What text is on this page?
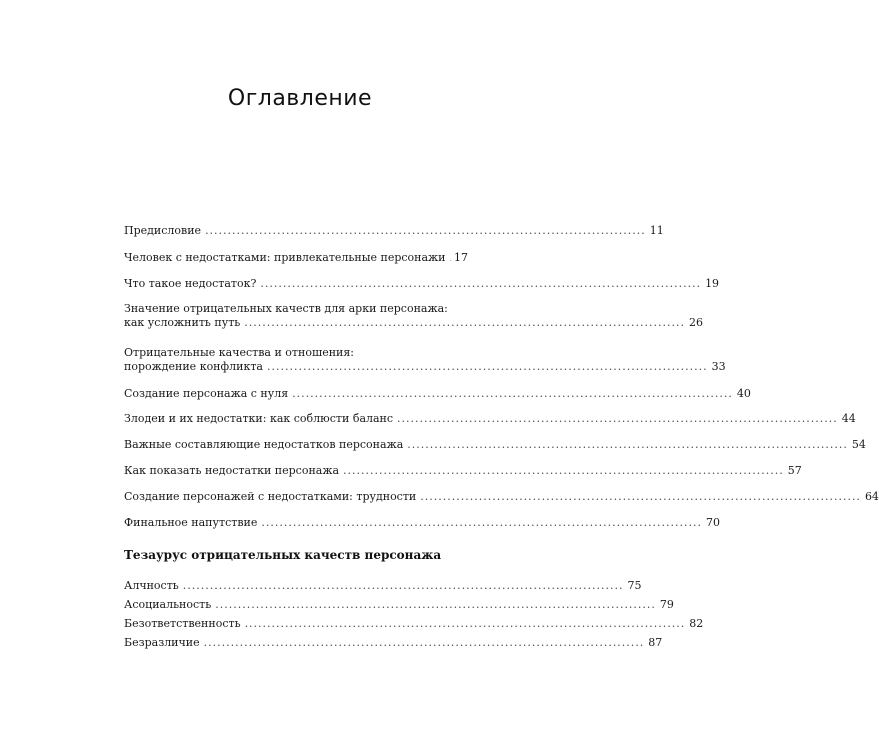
Оглавление
Предисловие .................................................................................................. 11
Человек с недостатками: привлекательные персонажи 17
Что такое недостаток? .................................................................................................. 19
Значение отрицательных качеств для арки персонажа:
как усложнить путь .................................................................................................. 26
Отрицательные качества и отношения:
порождение конфликта .................................................................................................. 33
Создание персонажа с нуля .................................................................................................. 40
Злодеи и их недостатки: как соблюсти баланс .................................................................................................. 44
Важные составляющие недостатков персонажа .................................................................................................. 54
Как показать недостатки персонажа .................................................................................................. 57
Создание персонажей с недостатками: трудности .................................................................................................. 64
Финальное напутствие .................................................................................................. 70
Тезаурус отрицательных качеств персонажа
Алчность .................................................................................................. 75
Асоциальность .................................................................................................. 79
Безответственность .................................................................................................. 82
Безразличие .................................................................................................. 87
